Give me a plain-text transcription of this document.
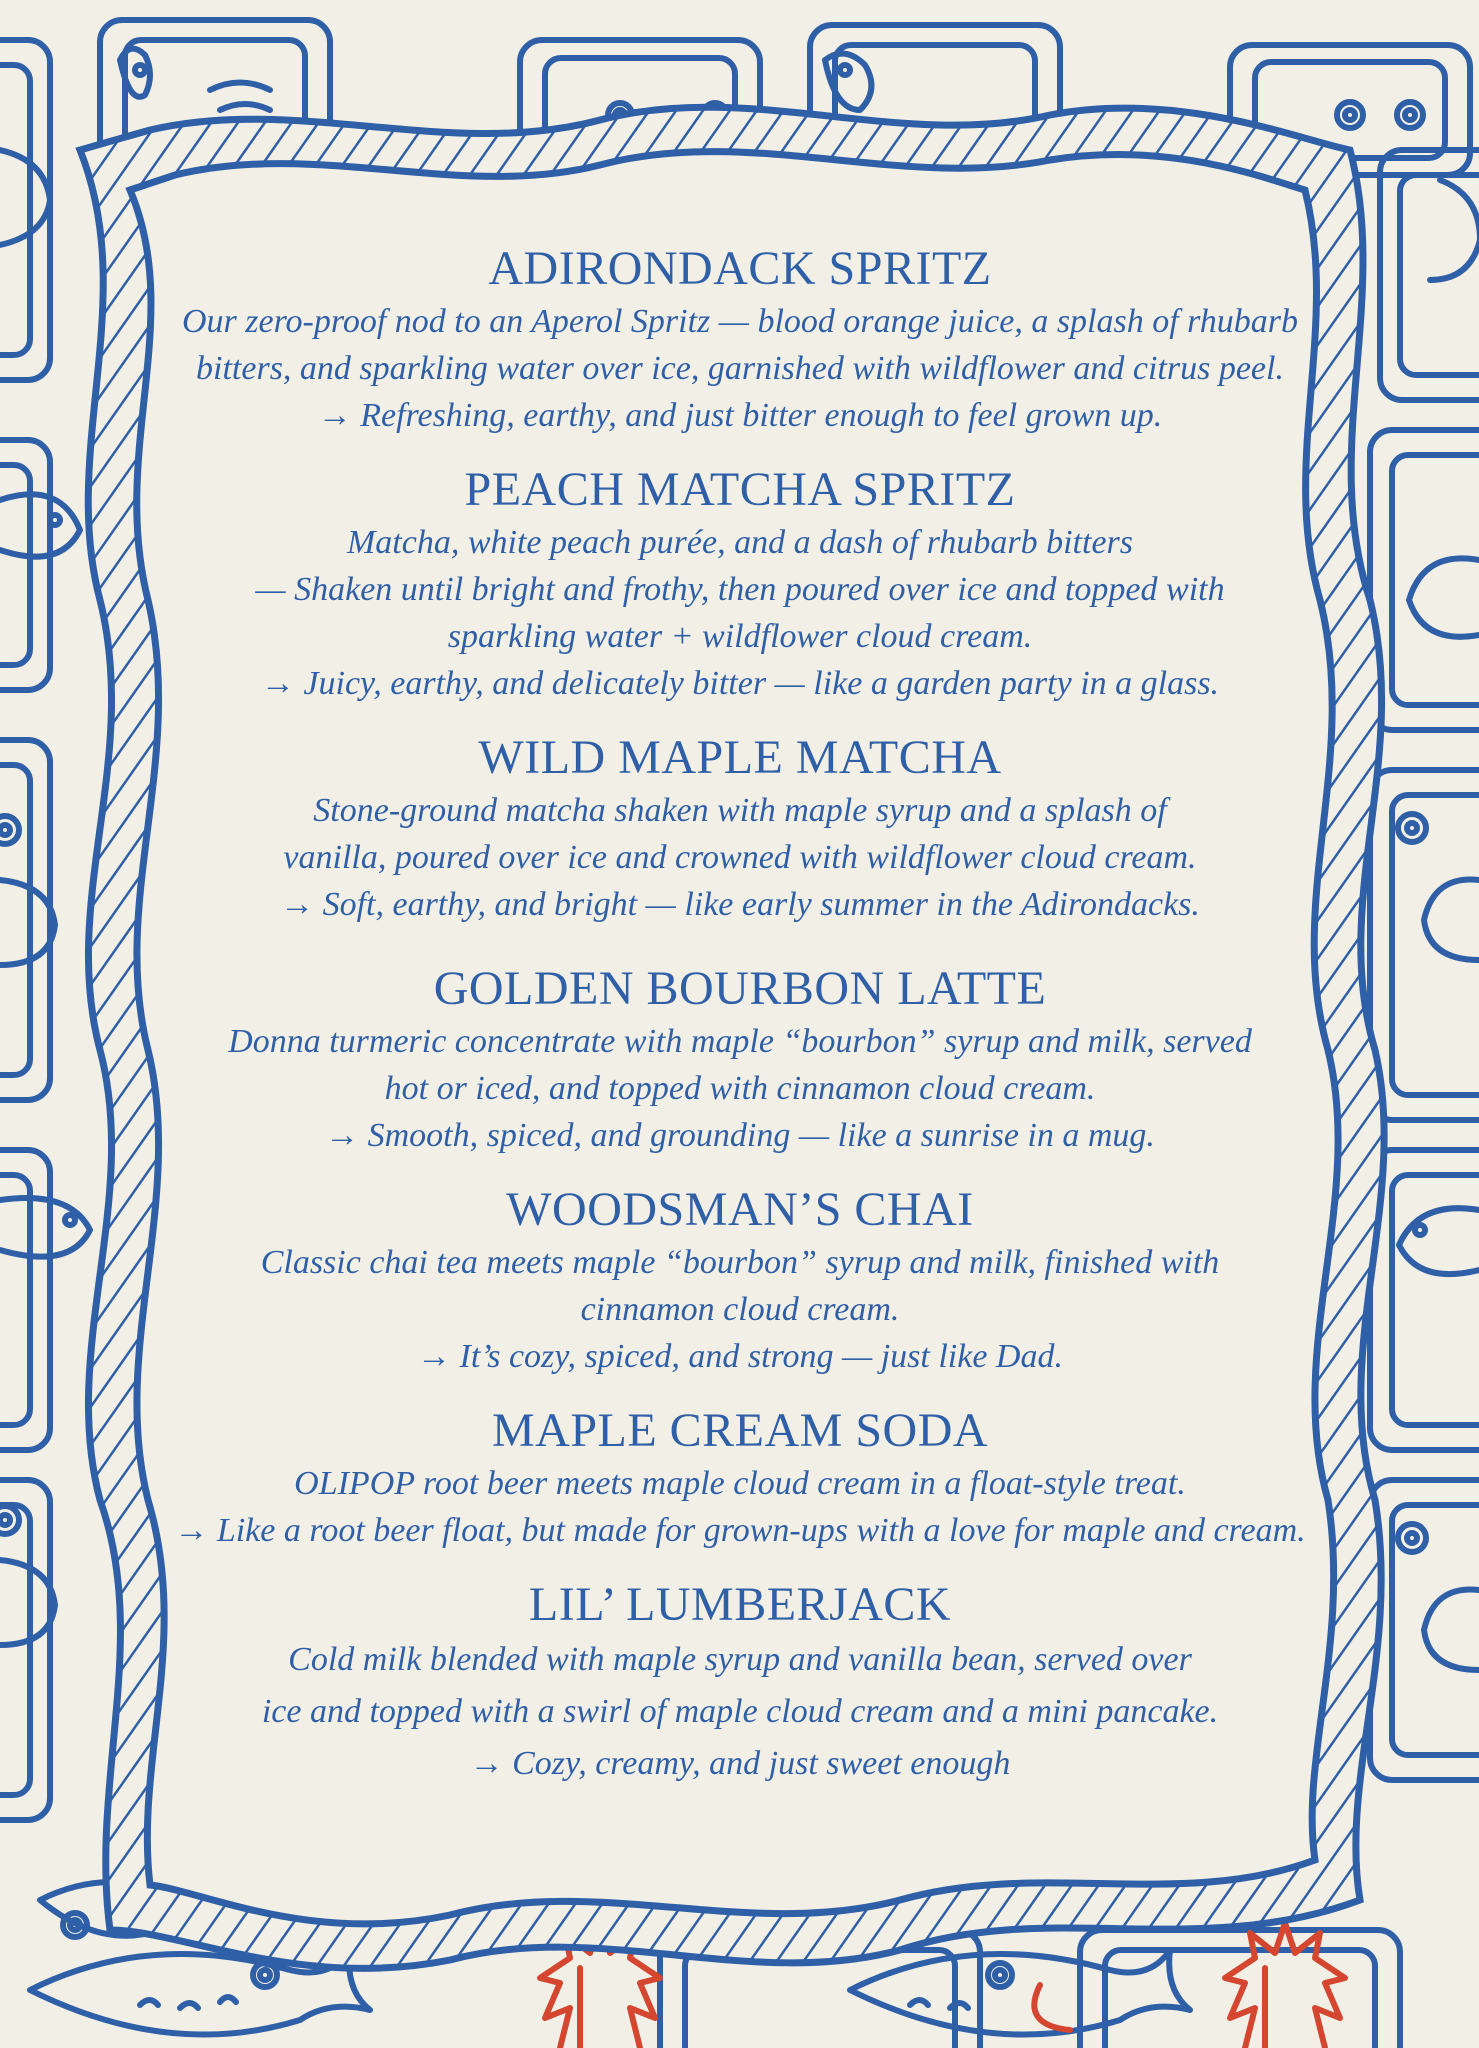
ADIRONDACK SPRITZ

Our zero-proof nod to an Aperol Spritz — blood orange juice, a splash of rhubarb

bitters, and sparkling water over ice, garnished with wildflower and citrus peel.

→ Refreshing, earthy, and just bitter enough to feel grown up.

PEACH MATCHA SPRITZ

Matcha, white peach purée, and a dash of rhubarb bitters

— Shaken until bright and frothy, then poured over ice and topped with

sparkling water + wildflower cloud cream.

→ Juicy, earthy, and delicately bitter — like a garden party in a glass.

WILD MAPLE MATCHA

Stone-ground matcha shaken with maple syrup and a splash of

vanilla, poured over ice and crowned with wildflower cloud cream.

→ Soft, earthy, and bright — like early summer in the Adirondacks.

GOLDEN BOURBON LATTE

Donna turmeric concentrate with maple “bourbon” syrup and milk, served

hot or iced, and topped with cinnamon cloud cream.

→ Smooth, spiced, and grounding — like a sunrise in a mug.

WOODSMAN’S CHAI

Classic chai tea meets maple “bourbon” syrup and milk, finished with

cinnamon cloud cream.

→ It’s cozy, spiced, and strong — just like Dad.

MAPLE CREAM SODA

OLIPOP root beer meets maple cloud cream in a float-style treat.

→ Like a root beer float, but made for grown-ups with a love for maple and cream.

LIL’ LUMBERJACK

Cold milk blended with maple syrup and vanilla bean, served over

ice and topped with a swirl of maple cloud cream and a mini pancake.

→ Cozy, creamy, and just sweet enough
